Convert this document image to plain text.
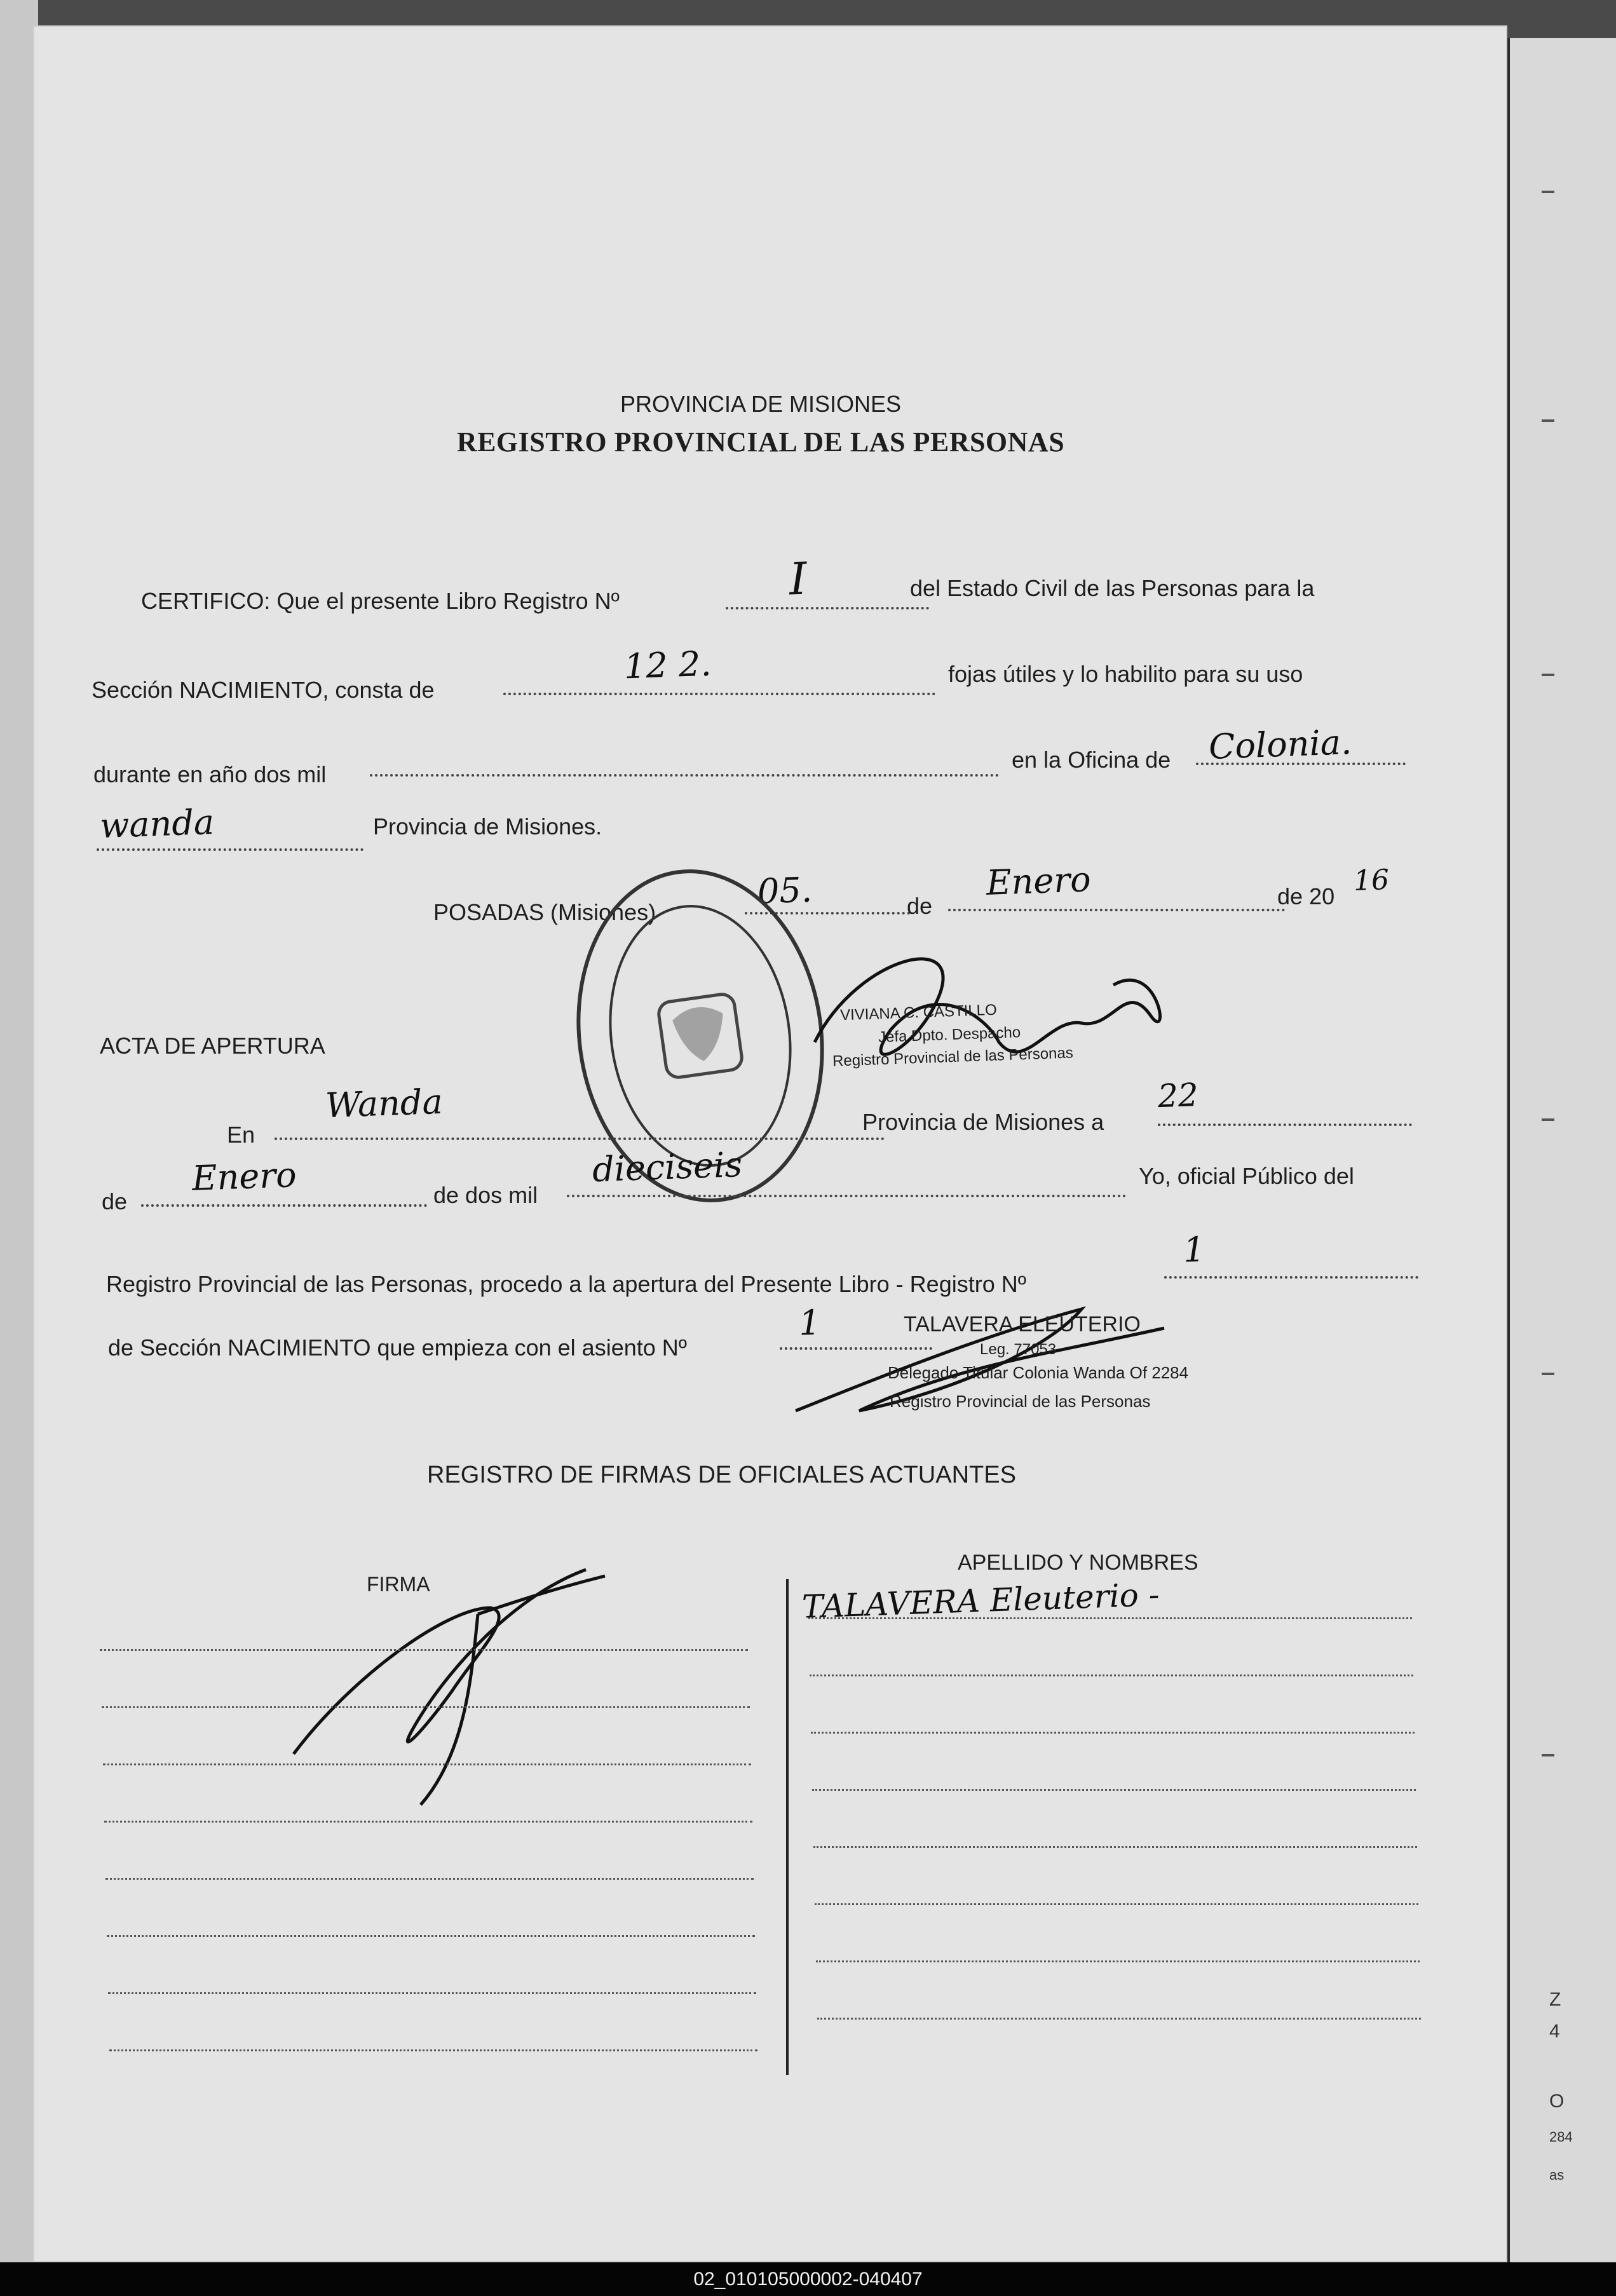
Z
4
O
284
as
PROVINCIA DE MISIONES
REGISTRO PROVINCIAL DE LAS PERSONAS
CERTIFICO: Que el presente Libro Registro Nº	I	del Estado Civil de las Personas para la
Sección NACIMIENTO, consta de
12 2.	fojas útiles y lo habilito para su uso
durante en año dos mil
en la Oficina de Colonia.
wanda	Provincia de Misiones.
POSADAS (Misiones)
05.	de
Enero	de 20 16
VIVIANA C. CASTILLO
Jefa Dpto. Despacho
Registro Provincial de las Personas
ACTA DE APERTURA
En
Wanda	Provincia de Misiones a
22
de
Enero	de dos mil
dieciseis	Yo, oficial Público del
Registro Provincial de las Personas, procedo a la apertura del Presente Libro - Registro Nº
1
de Sección NACIMIENTO que empieza con el asiento Nº
1	TALAVERA ELEUTERIO
Leg. 77053
Delegado Titular Colonia Wanda Of 2284
Registro Provincial de las Personas
REGISTRO DE FIRMAS DE OFICIALES ACTUANTES
FIRMA
APELLIDO Y NOMBRES
TALAVERA Eleuterio -
02_010105000002-040407
